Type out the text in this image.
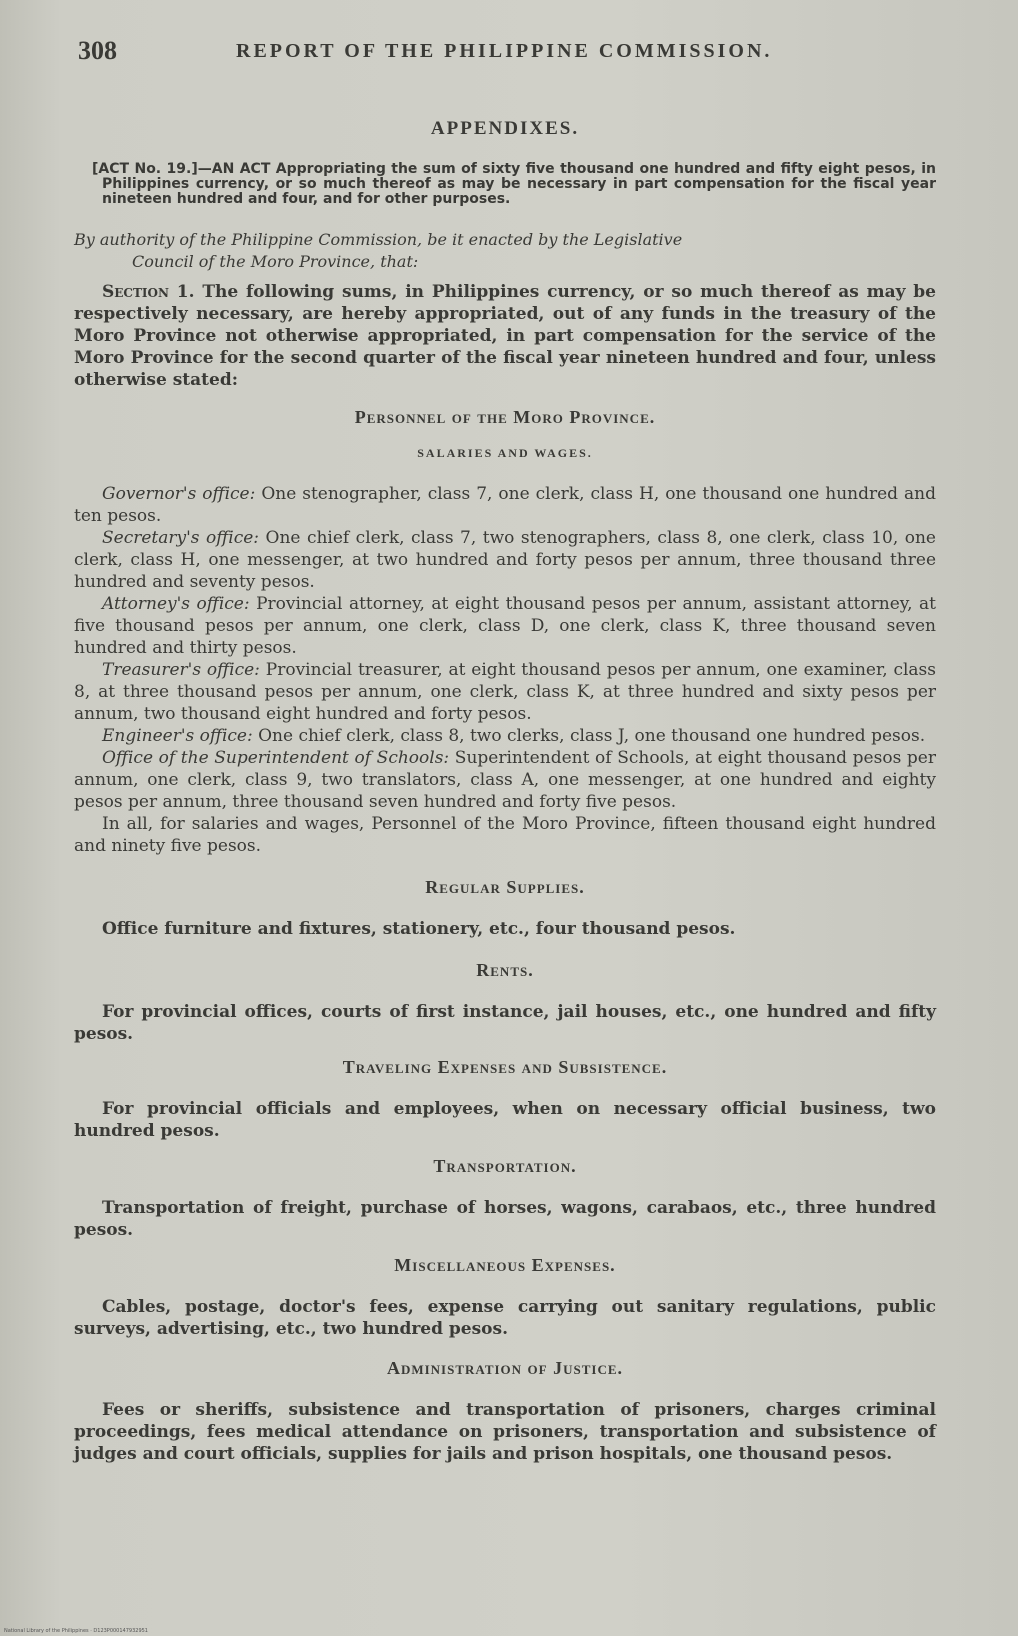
308	REPORT OF THE PHILIPPINE COMMISSION.
APPENDIXES.

[ACT No. 19.]—AN ACT Appropriating the sum of sixty five thousand one hundred and fifty eight pesos, in Philippines currency, or so much thereof as may be necessary in part compensation for the fiscal year nineteen hundred and four, and for other purposes.

By authority of the Philippine Commission, be it enacted by the Legislative
Council of the Moro Province, that:

Section 1. The following sums, in Philippines currency, or so much thereof as may be respectively necessary, are hereby appropriated, out of any funds in the treasury of the Moro Province not otherwise appropriated, in part compensation for the service of the Moro Province for the second quarter of the fiscal year nineteen hundred and four, unless otherwise stated:

Personnel of the Moro Province.
SALARIES AND WAGES.

Governor's office: One stenographer, class 7, one clerk, class H, one thousand one hundred and ten pesos.

Secretary's office: One chief clerk, class 7, two stenographers, class 8, one clerk, class 10, one clerk, class H, one messenger, at two hundred and forty pesos per annum, three thousand three hundred and seventy pesos.

Attorney's office: Provincial attorney, at eight thousand pesos per annum, assistant attorney, at five thousand pesos per annum, one clerk, class D, one clerk, class K, three thousand seven hundred and thirty pesos.

Treasurer's office: Provincial treasurer, at eight thousand pesos per annum, one examiner, class 8, at three thousand pesos per annum, one clerk, class K, at three hundred and sixty pesos per annum, two thousand eight hundred and forty pesos.

Engineer's office: One chief clerk, class 8, two clerks, class J, one thousand one hundred pesos.

Office of the Superintendent of Schools: Superintendent of Schools, at eight thousand pesos per annum, one clerk, class 9, two translators, class A, one messenger, at one hundred and eighty pesos per annum, three thousand seven hundred and forty five pesos.

In all, for salaries and wages, Personnel of the Moro Province, fifteen thousand eight hundred and ninety five pesos.

Regular Supplies.

Office furniture and fixtures, stationery, etc., four thousand pesos.

Rents.

For provincial offices, courts of first instance, jail houses, etc., one hundred and fifty pesos.

Traveling Expenses and Subsistence.

For provincial officials and employees, when on necessary official business, two hundred pesos.

Transportation.

Transportation of freight, purchase of horses, wagons, carabaos, etc., three hundred pesos.

Miscellaneous Expenses.

Cables, postage, doctor's fees, expense carrying out sanitary regulations, public surveys, advertising, etc., two hundred pesos.

Administration of Justice.

Fees or sheriffs, subsistence and transportation of prisoners, charges criminal proceedings, fees medical attendance on prisoners, transportation and subsistence of judges and court officials, supplies for jails and prison hospitals, one thousand pesos.

National Library of the Philippines · D123P000147932951
